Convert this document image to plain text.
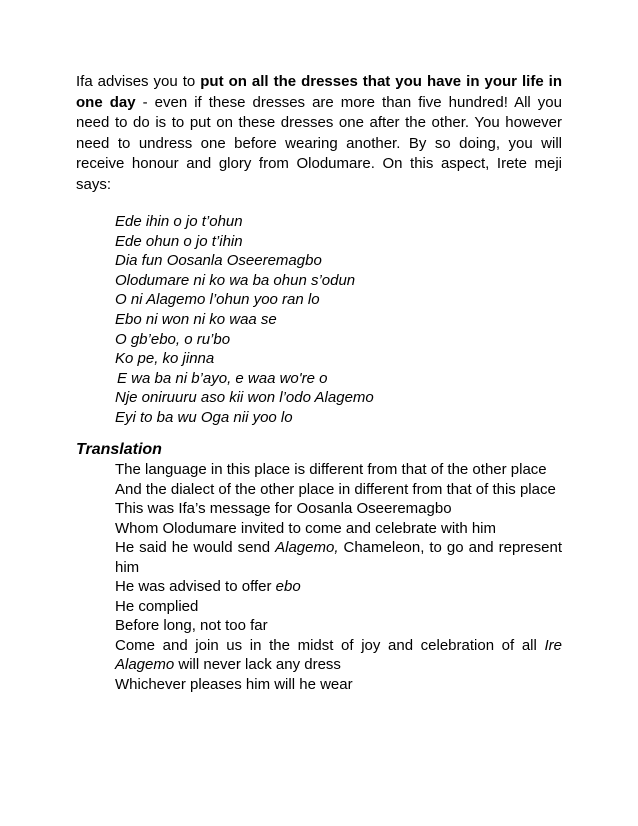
Ifa advises you to put on all the dresses that you have in your life in one day - even if these dresses are more than five hundred! All you need to do is to put on these dresses one after the other. You however need to undress one before wearing another. By so doing, you will receive honour and glory from Olodumare. On this aspect, Irete meji says:

Ede ihin o jo t’ohun
Ede ohun o jo t’ihin
Dia fun Oosanla Oseeremagbo
Olodumare ni ko wa ba ohun s’odun
O ni Alagemo l’ohun yoo ran lo
Ebo ni won ni ko waa se
O gb’ebo, o ru’bo
Ko pe, ko jinna
E wa ba ni b’ayo, e waa wo're o
Nje oniruuru aso kii won l’odo Alagemo
Eyi to ba wu Oga nii yoo lo
Translation
The language in this place is different from that of the other place
And the dialect of the other place in different from that of this place
This was Ifa’s message for Oosanla Oseeremagbo
Whom Olodumare invited to come and celebrate with him
He said he would send Alagemo, Chameleon, to go and represent him
He was advised to offer ebo
He complied
Before long, not too far
Come and join us in the midst of joy and celebration of all Ire Alagemo will never lack any dress
Whichever pleases him will he wear
